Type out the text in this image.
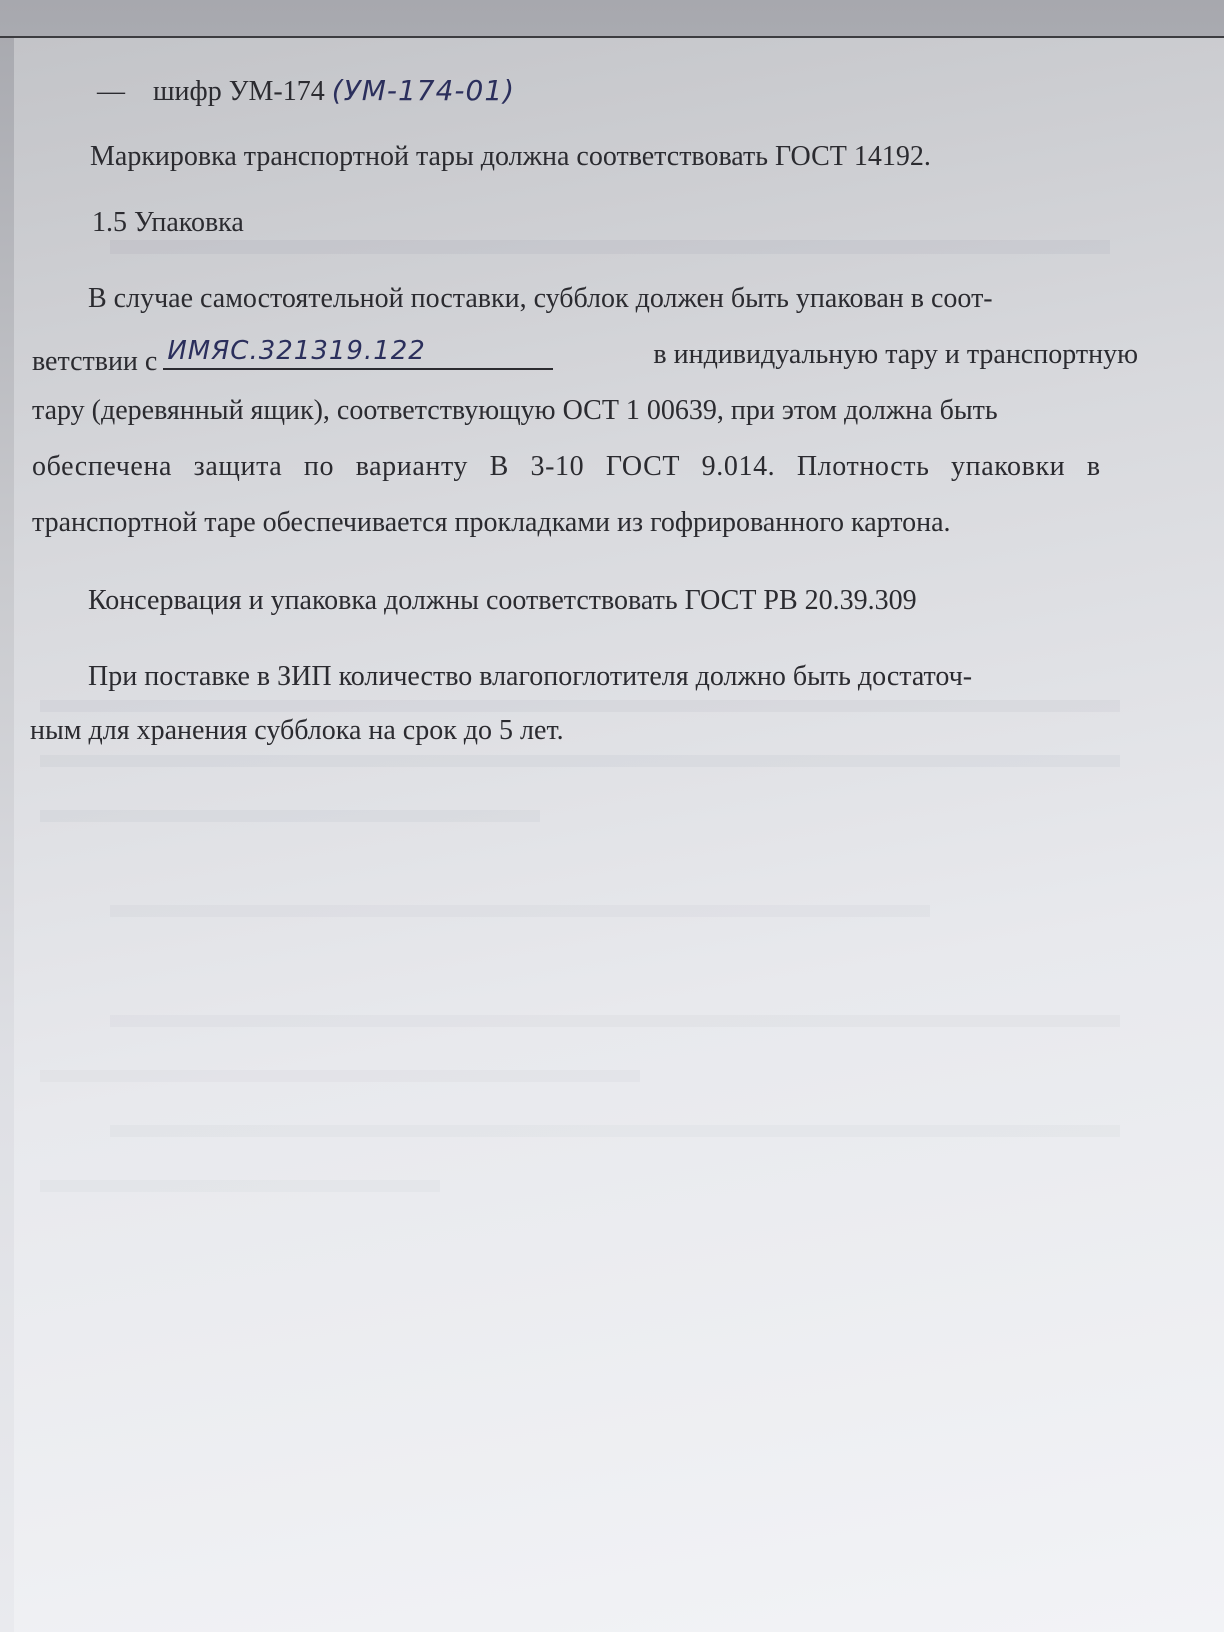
— шифр УМ-174 (УМ-174-01)
Маркировка транспортной тары должна соответствовать ГОСТ 14192.
1.5 Упаковка
В случае самостоятельной поставки, субблок должен быть упакован в соот-
ветствии с ИМЯС.321319.122	в индивидуальную тару и транспортную
тару (деревянный ящик), соответствующую ОСТ 1 00639, при этом должна быть
обеспечена защита по варианту В 3-10 ГОСТ 9.014. Плотность упаковки в
транспортной таре обеспечивается прокладками из гофрированного картона.
Консервация и упаковка должны соответствовать ГОСТ РВ 20.39.309
При поставке в ЗИП количество влагопоглотителя должно быть достаточ-
ным для хранения субблока на срок до 5 лет.
